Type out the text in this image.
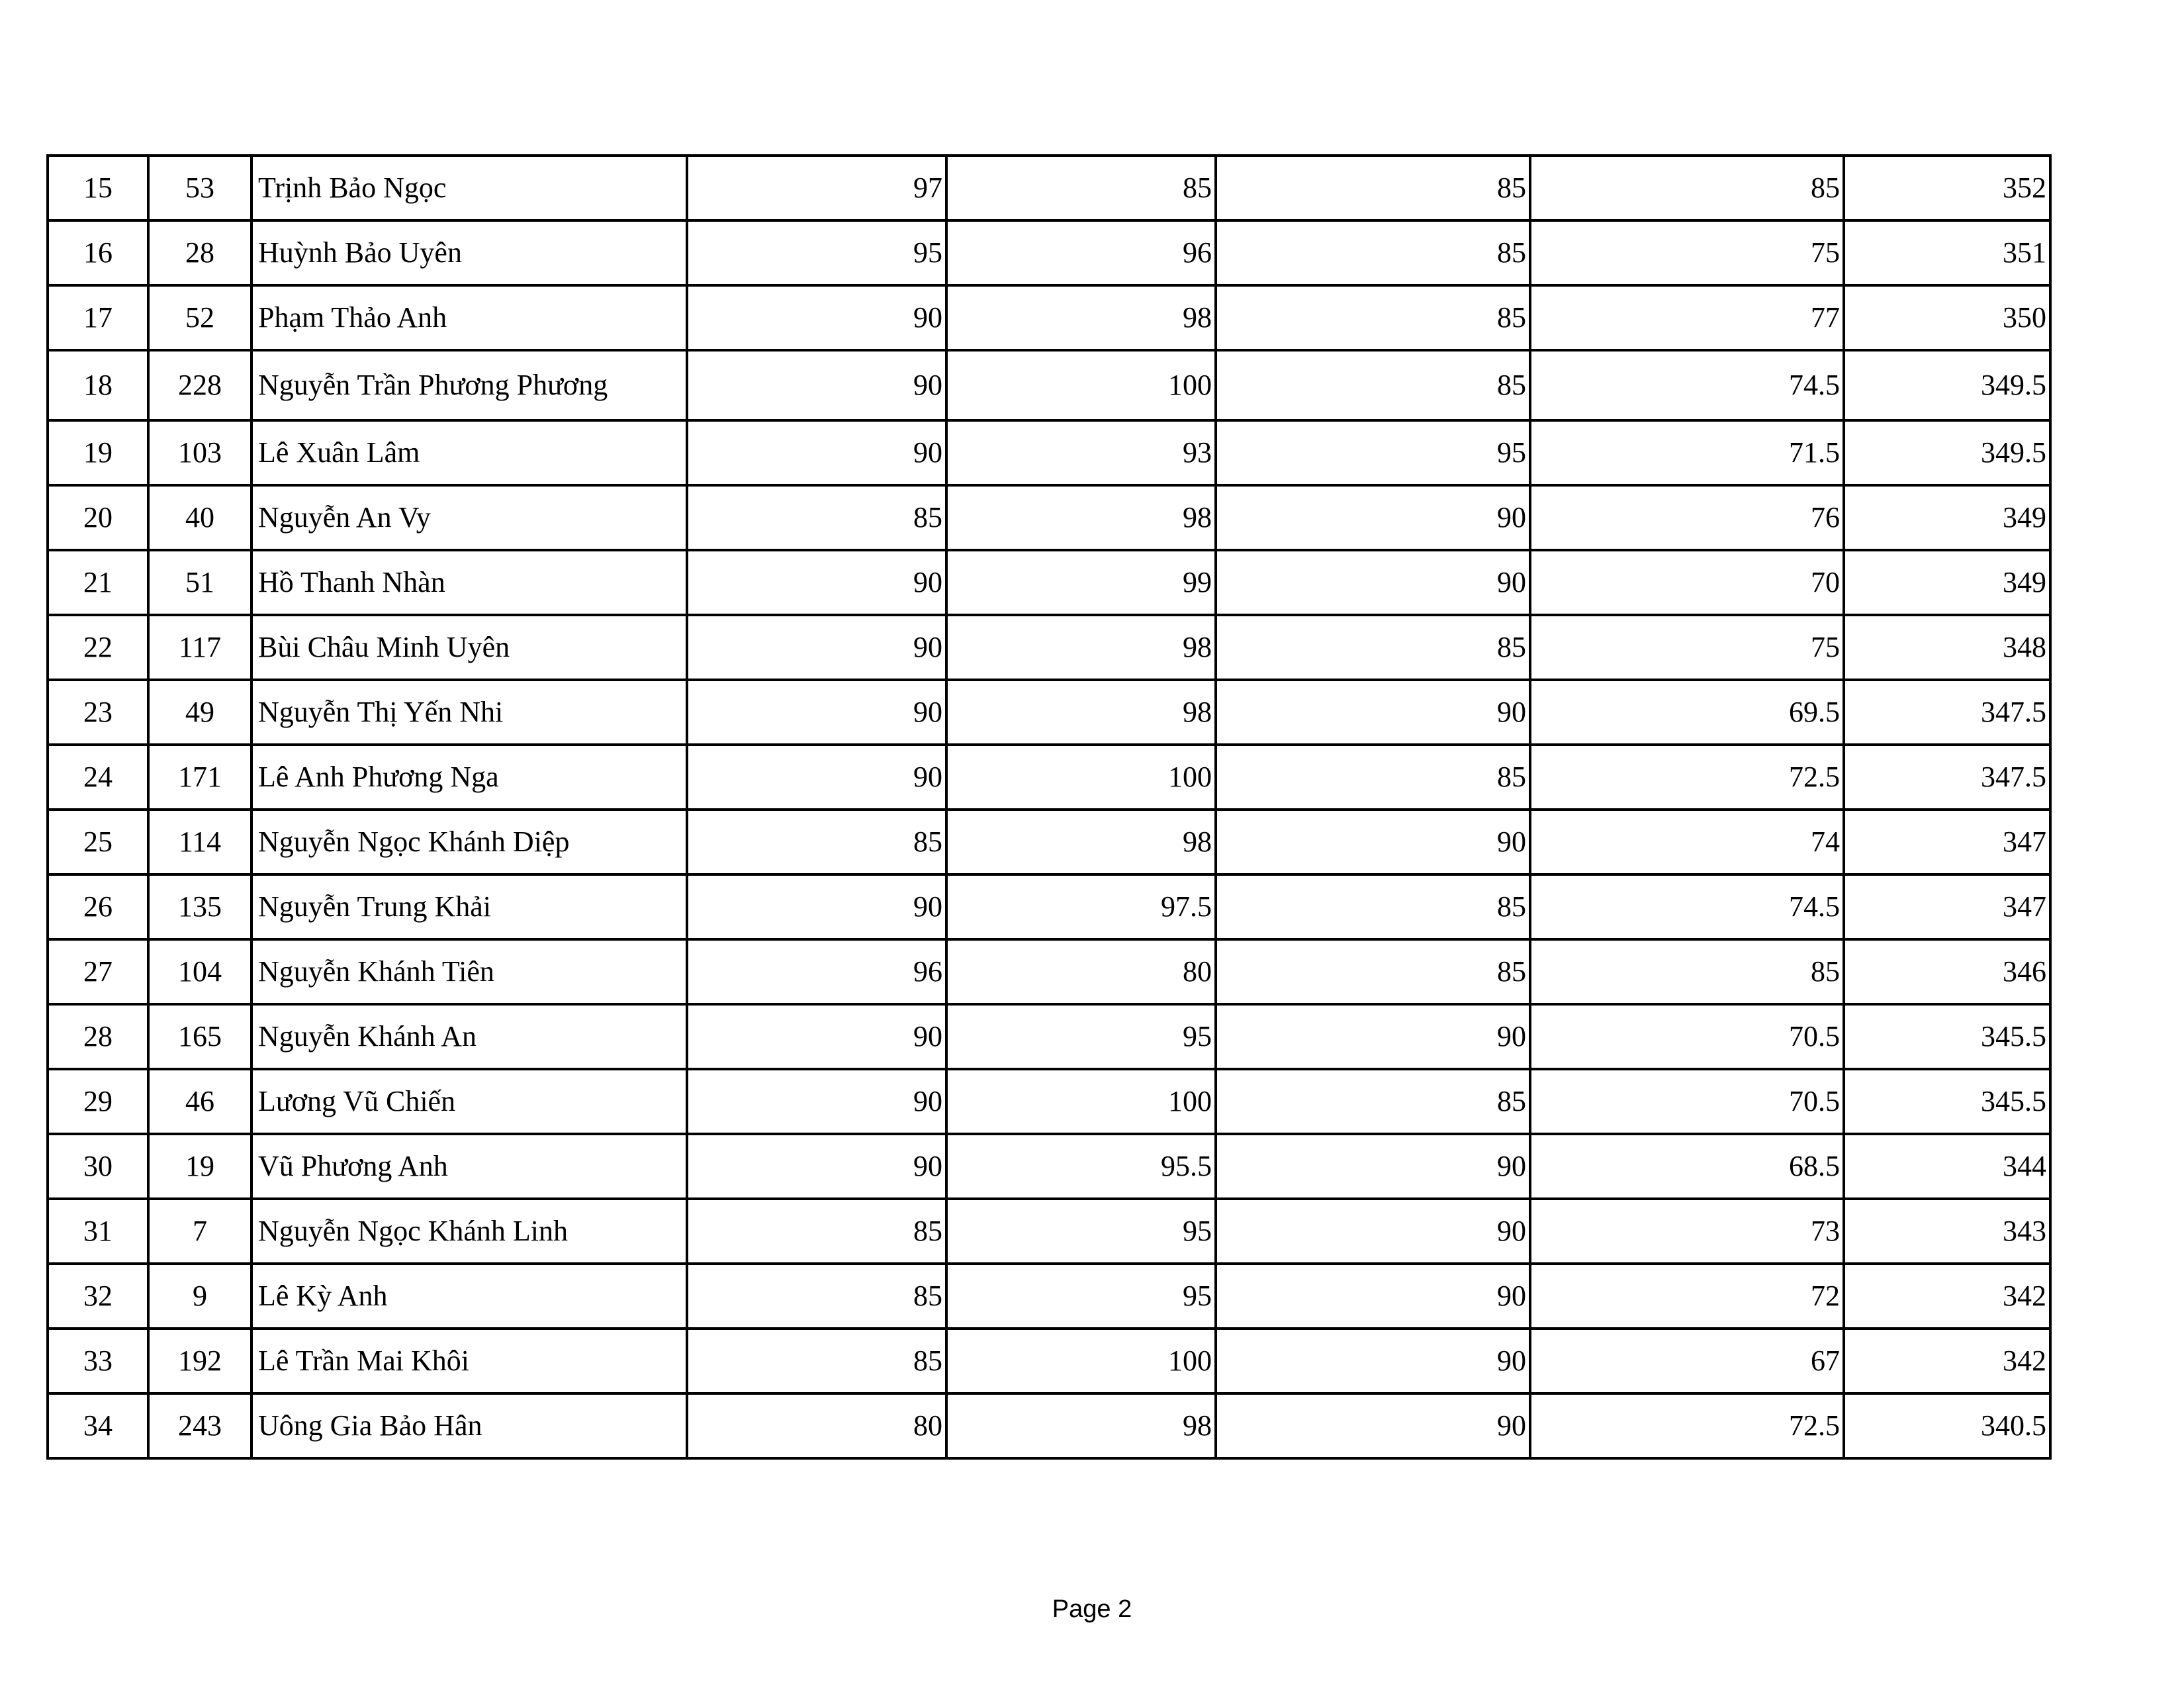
15	53	Trịnh Bảo Ngọc	97	85	85	85	352
16	28	Huỳnh Bảo Uyên	95	96	85	75	351
17	52	Phạm Thảo Anh	90	98	85	77	350
18	228	Nguyễn Trần Phương Phương	90	100	85	74.5	349.5
19	103	Lê Xuân Lâm	90	93	95	71.5	349.5
20	40	Nguyễn An Vy	85	98	90	76	349
21	51	Hồ Thanh Nhàn	90	99	90	70	349
22	117	Bùi Châu Minh Uyên	90	98	85	75	348
23	49	Nguyễn Thị Yến Nhi	90	98	90	69.5	347.5
24	171	Lê Anh Phương Nga	90	100	85	72.5	347.5
25	114	Nguyễn Ngọc Khánh Diệp	85	98	90	74	347
26	135	Nguyễn Trung Khải	90	97.5	85	74.5	347
27	104	Nguyễn Khánh Tiên	96	80	85	85	346
28	165	Nguyễn Khánh An	90	95	90	70.5	345.5
29	46	Lương Vũ Chiến	90	100	85	70.5	345.5
30	19	Vũ Phương Anh	90	95.5	90	68.5	344
31	7	Nguyễn Ngọc Khánh Linh	85	95	90	73	343
32	9	Lê Kỳ Anh	85	95	90	72	342
33	192	Lê Trần Mai Khôi	85	100	90	67	342
34	243	Uông Gia Bảo Hân	80	98	90	72.5	340.5
Page 2
